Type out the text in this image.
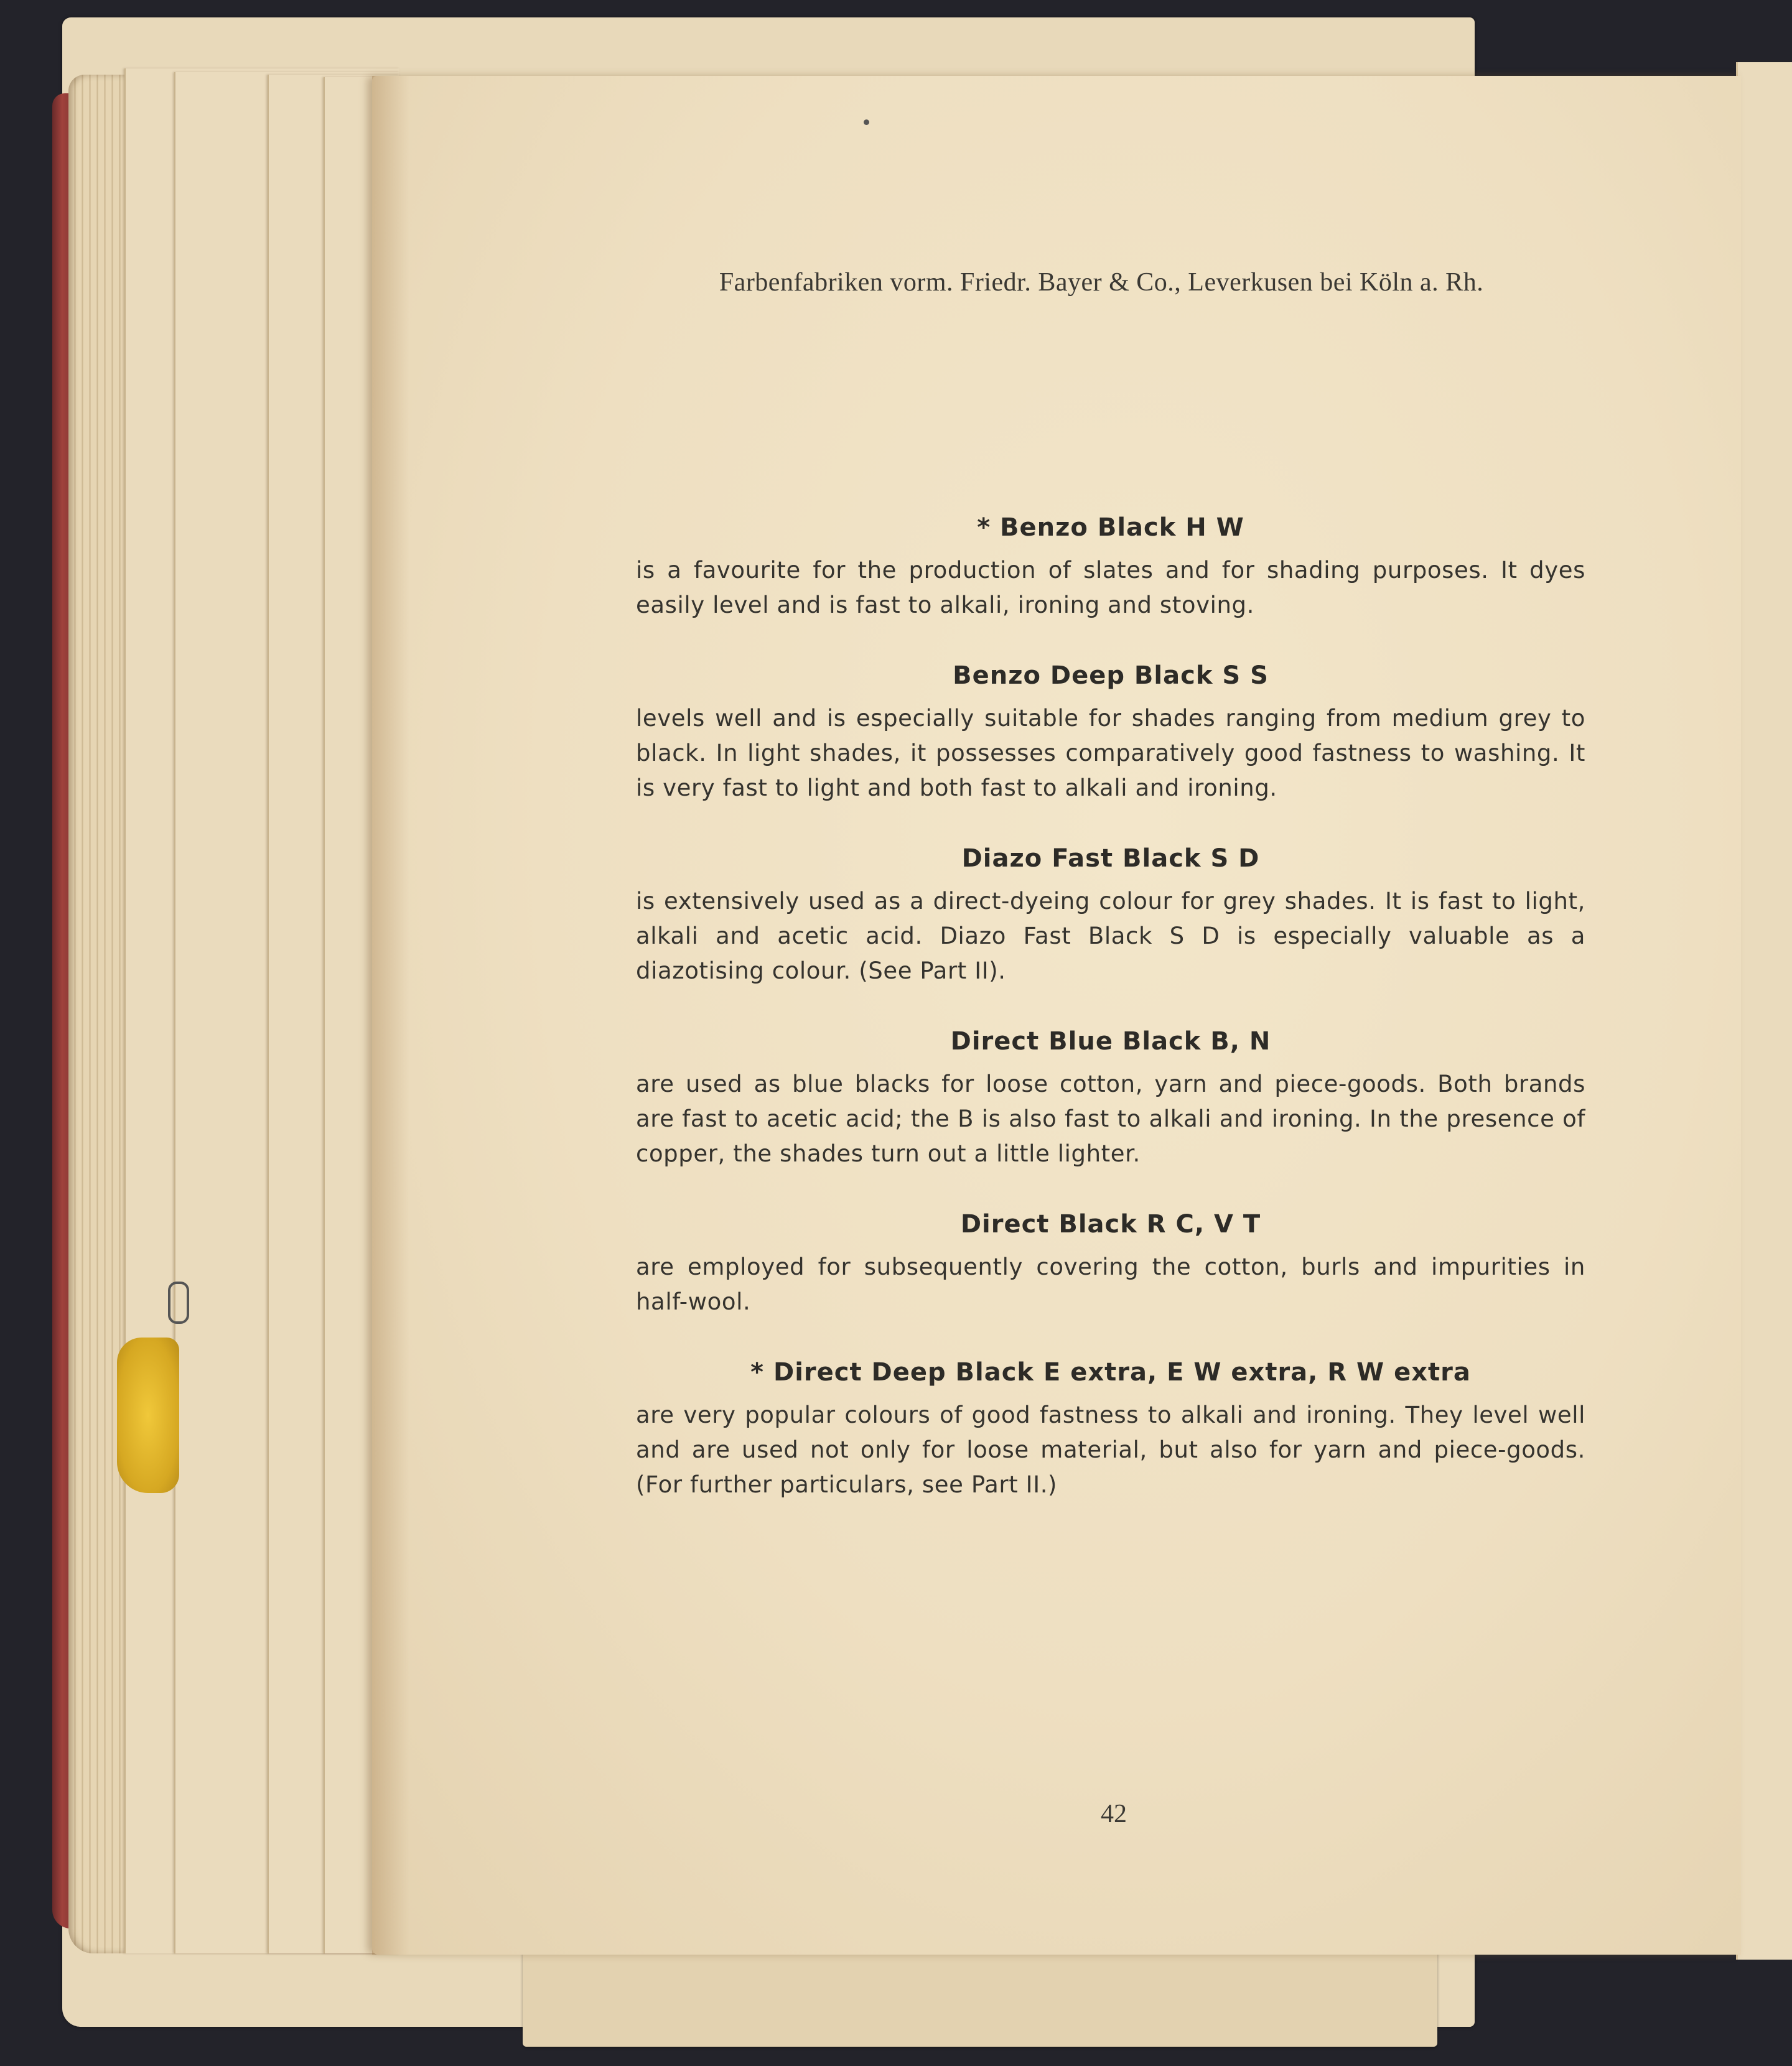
Farbenfabriken vorm. Friedr. Bayer & Co., Leverkusen bei Köln a. Rh.
* Benzo Black H W

is a favourite for the production of slates and for shading purposes. It dyes easily level and is fast to alkali, ironing and stoving.

Benzo Deep Black S S

levels well and is especially suitable for shades ranging from medium grey to black. In light shades, it possesses comparatively good fastness to washing. It is very fast to light and both fast to alkali and ironing.

Diazo Fast Black S D

is extensively used as a direct-dyeing colour for grey shades. It is fast to light, alkali and acetic acid. Diazo Fast Black S D is especially valuable as a diazotising colour. (See Part II).

Direct Blue Black B, N

are used as blue blacks for loose cotton, yarn and piece-goods. Both brands are fast to acetic acid; the B is also fast to alkali and ironing. In the presence of copper, the shades turn out a little lighter.

Direct Black R C, V T

are employed for subsequently covering the cotton, burls and impurities in half-wool.

* Direct Deep Black E extra, E W extra, R W extra

are very popular colours of good fastness to alkali and ironing. They level well and are used not only for loose material, but also for yarn and piece-goods. (For further particulars, see Part II.)

42
